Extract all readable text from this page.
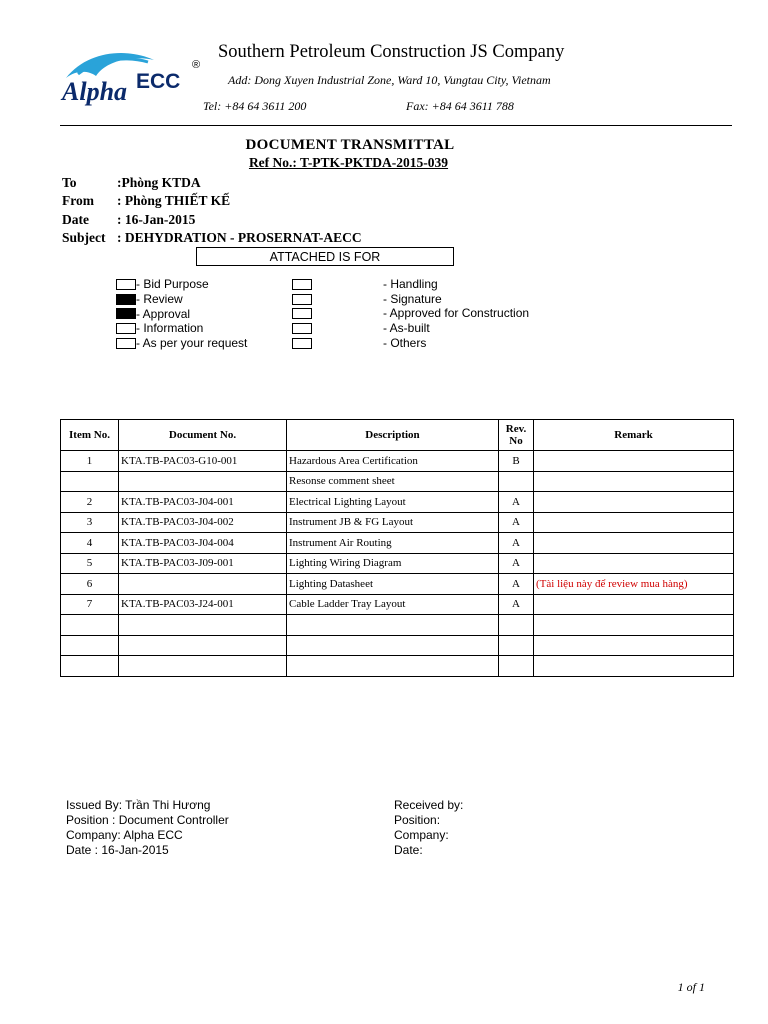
Alpha ECC
®
Southern Petroleum Construction JS Company
Add: Dong Xuyen Industrial Zone, Ward 10, Vungtau City, Vietnam
Tel: +84 64 3611 200	Fax: +84 64 3611 788
DOCUMENT TRANSMITTAL
Ref No.: T-PTK-PKTDA-2015-039
To	:Phòng KTDA
From : Phòng THIẾT KẾ
Date : 16-Jan-2015
Subject : DEHYDRATION - PROSERNAT-AECC
ATTACHED IS FOR
- Bid Purpose
- Review
- Approval
- Information
- As per your request
- Handling
- Signature
- Approved for Construction
- As-built
- Others
Item No.	Document No.	Description	Rev. No	Remark
1	KTA.TB-PAC03-G10-001	Hazardous Area Certification	B	
		Resonse comment sheet		
2	KTA.TB-PAC03-J04-001	Electrical Lighting Layout	A	
3	KTA.TB-PAC03-J04-002	Instrument JB & FG Layout	A	
4	KTA.TB-PAC03-J04-004	Instrument Air Routing	A	
5	KTA.TB-PAC03-J09-001	Lighting Wiring Diagram	A	
6		Lighting Datasheet	A	(Tài liệu này để review mua hàng)
7	KTA.TB-PAC03-J24-001	Cable Ladder Tray Layout	A	

Issued By: Trần Thi Hương
Position : Document Controller
Company: Alpha ECC
Date : 16-Jan-2015
Received by:
Position:
Company:
Date:
1 of 1
